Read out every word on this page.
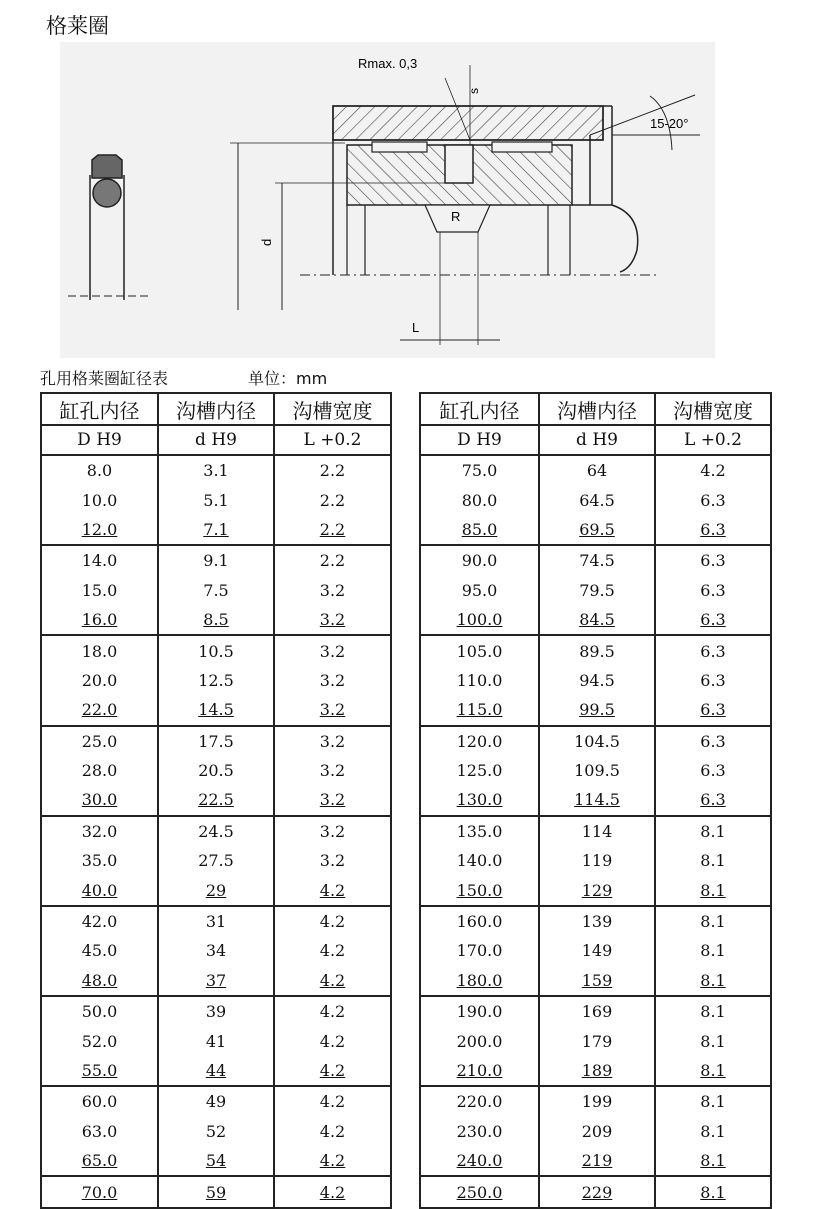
格莱圈
Rmax. 0,3
s
15-20°
R
d
L
孔用格莱圈缸径表	单位：mm
缸孔内径	沟槽内径	沟槽宽度
D H9	d H9	L +0.2
8.0	3.1	2.2
10.0	5.1	2.2
12.0	7.1	2.2
14.0	9.1	2.2
15.0	7.5	3.2
16.0	8.5	3.2
18.0	10.5	3.2
20.0	12.5	3.2
22.0	14.5	3.2
25.0	17.5	3.2
28.0	20.5	3.2
30.0	22.5	3.2
32.0	24.5	3.2
35.0	27.5	3.2
40.0	29	4.2
42.0	31	4.2
45.0	34	4.2
48.0	37	4.2
50.0	39	4.2
52.0	41	4.2
55.0	44	4.2
60.0	49	4.2
63.0	52	4.2
65.0	54	4.2
70.0	59	4.2
缸孔内径	沟槽内径	沟槽宽度
D H9	d H9	L +0.2
75.0	64	4.2
80.0	64.5	6.3
85.0	69.5	6.3
90.0	74.5	6.3
95.0	79.5	6.3
100.0	84.5	6.3
105.0	89.5	6.3
110.0	94.5	6.3
115.0	99.5	6.3
120.0	104.5	6.3
125.0	109.5	6.3
130.0	114.5	6.3
135.0	114	8.1
140.0	119	8.1
150.0	129	8.1
160.0	139	8.1
170.0	149	8.1
180.0	159	8.1
190.0	169	8.1
200.0	179	8.1
210.0	189	8.1
220.0	199	8.1
230.0	209	8.1
240.0	219	8.1
250.0	229	8.1
